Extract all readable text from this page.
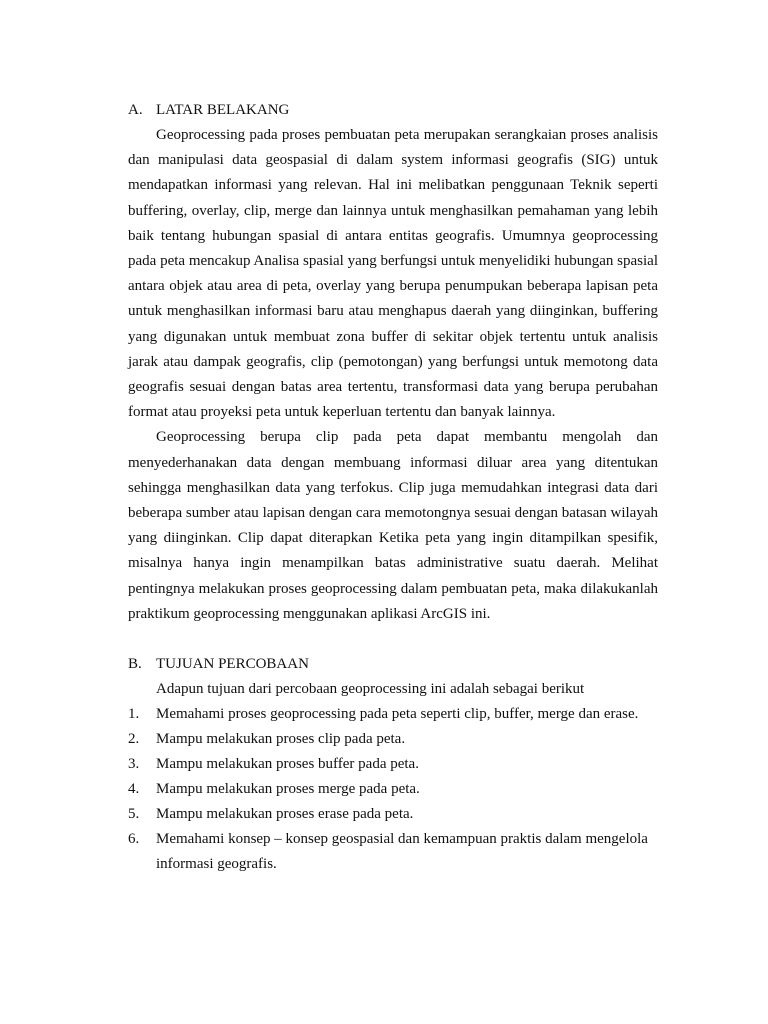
A. LATAR BELAKANG

Geoprocessing pada proses pembuatan peta merupakan serangkaian proses analisis dan manipulasi data geospasial di dalam system informasi geografis (SIG) untuk mendapatkan informasi yang relevan. Hal ini melibatkan penggunaan Teknik seperti buffering, overlay, clip, merge dan lainnya untuk menghasilkan pemahaman yang lebih baik tentang hubungan spasial di antara entitas geografis. Umumnya geoprocessing pada peta mencakup Analisa spasial yang berfungsi untuk menyelidiki hubungan spasial antara objek atau area di peta, overlay yang berupa penumpukan beberapa lapisan peta untuk menghasilkan informasi baru atau menghapus daerah yang diinginkan, buffering yang digunakan untuk membuat zona buffer di sekitar objek tertentu untuk analisis jarak atau dampak geografis, clip (pemotongan) yang berfungsi untuk memotong data geografis sesuai dengan batas area tertentu, transformasi data yang berupa perubahan format atau proyeksi peta untuk keperluan tertentu dan banyak lainnya.

Geoprocessing berupa clip pada peta dapat membantu mengolah dan menyederhanakan data dengan membuang informasi diluar area yang ditentukan sehingga menghasilkan data yang terfokus. Clip juga memudahkan integrasi data dari beberapa sumber atau lapisan dengan cara memotongnya sesuai dengan batasan wilayah yang diinginkan. Clip dapat diterapkan Ketika peta yang ingin ditampilkan spesifik, misalnya hanya ingin menampilkan batas administrative suatu daerah. Melihat pentingnya melakukan proses geoprocessing dalam pembuatan peta, maka dilakukanlah praktikum geoprocessing menggunakan aplikasi ArcGIS ini.

B. TUJUAN PERCOBAAN

Adapun tujuan dari percobaan geoprocessing ini adalah sebagai berikut

1.	Memahami proses geoprocessing pada peta seperti clip, buffer, merge dan erase.
2.	Mampu melakukan proses clip pada peta.
3.	Mampu melakukan proses buffer pada peta.
4.	Mampu melakukan proses merge pada peta.
5.	Mampu melakukan proses erase pada peta.
6.	Memahami konsep – konsep geospasial dan kemampuan praktis dalam mengelola informasi geografis.
